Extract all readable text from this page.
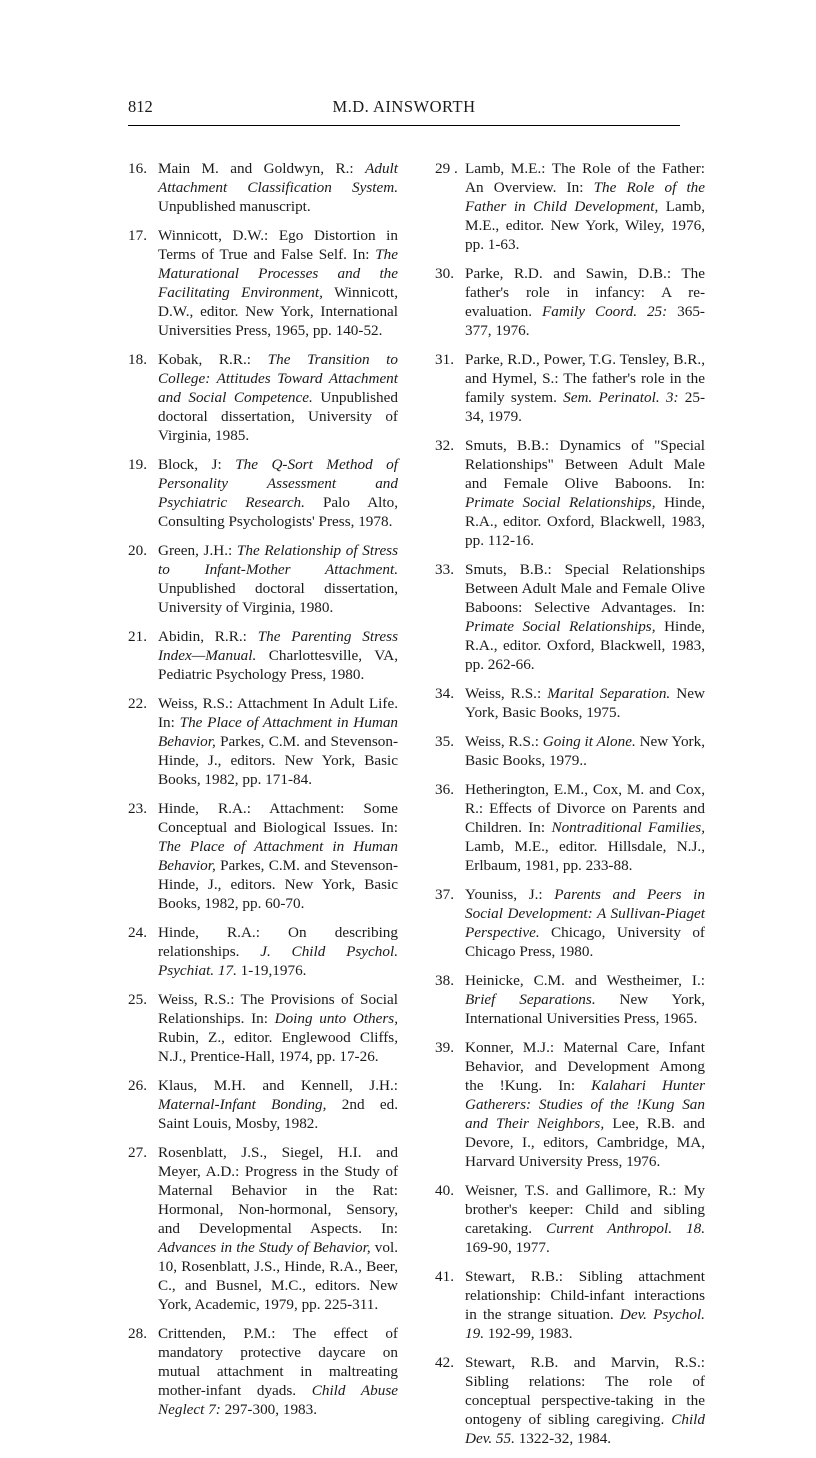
812	M.D. AINSWORTH
16. Main M. and Goldwyn, R.: Adult Attachment Classification System. Unpublished manuscript.
17. Winnicott, D.W.: Ego Distortion in Terms of True and False Self. In: The Maturational Processes and the Facilitating Environment, Winnicott, D.W., editor. New York, International Universities Press, 1965, pp. 140-52.
18. Kobak, R.R.: The Transition to College: Attitudes Toward Attachment and Social Competence. Unpublished doctoral dissertation, University of Virginia, 1985.
19. Block, J: The Q-Sort Method of Personality Assessment and Psychiatric Research. Palo Alto, Consulting Psychologists' Press, 1978.
20. Green, J.H.: The Relationship of Stress to Infant-Mother Attachment. Unpublished doctoral dissertation, University of Virginia, 1980.
21. Abidin, R.R.: The Parenting Stress Index—Manual. Charlottesville, VA, Pediatric Psychology Press, 1980.
22. Weiss, R.S.: Attachment In Adult Life. In: The Place of Attachment in Human Behavior, Parkes, C.M. and Stevenson-Hinde, J., editors. New York, Basic Books, 1982, pp. 171-84.
23. Hinde, R.A.: Attachment: Some Conceptual and Biological Issues. In: The Place of Attachment in Human Behavior, Parkes, C.M. and Stevenson-Hinde, J., editors. New York, Basic Books, 1982, pp. 60-70.
24. Hinde, R.A.: On describing relationships. J. Child Psychol. Psychiat. 17. 1-19,1976.
25. Weiss, R.S.: The Provisions of Social Relationships. In: Doing unto Others, Rubin, Z., editor. Englewood Cliffs, N.J., Prentice-Hall, 1974, pp. 17-26.
26. Klaus, M.H. and Kennell, J.H.: Maternal-Infant Bonding, 2nd ed. Saint Louis, Mosby, 1982.
27. Rosenblatt, J.S., Siegel, H.I. and Meyer, A.D.: Progress in the Study of Maternal Behavior in the Rat: Hormonal, Non-hormonal, Sensory, and Developmental Aspects. In: Advances in the Study of Behavior, vol. 10, Rosenblatt, J.S., Hinde, R.A., Beer, C., and Busnel, M.C., editors. New York, Academic, 1979, pp. 225-311.
28. Crittenden, P.M.: The effect of mandatory protective daycare on mutual attachment in maltreating mother-infant dyads. Child Abuse Neglect 7: 297-300, 1983.
29 . Lamb, M.E.: The Role of the Father: An Overview. In: The Role of the Father in Child Development, Lamb, M.E., editor. New York, Wiley, 1976, pp. 1-63.
30. Parke, R.D. and Sawin, D.B.: The father's role in infancy: A re-evaluation. Family Coord. 25: 365-377, 1976.
31. Parke, R.D., Power, T.G. Tensley, B.R., and Hymel, S.: The father's role in the family system. Sem. Perinatol. 3: 25-34, 1979.
32. Smuts, B.B.: Dynamics of "Special Relationships" Between Adult Male and Female Olive Baboons. In: Primate Social Relationships, Hinde, R.A., editor. Oxford, Blackwell, 1983, pp. 112-16.
33. Smuts, B.B.: Special Relationships Between Adult Male and Female Olive Baboons: Selective Advantages. In: Primate Social Relationships, Hinde, R.A., editor. Oxford, Blackwell, 1983, pp. 262-66.
34. Weiss, R.S.: Marital Separation. New York, Basic Books, 1975.
35. Weiss, R.S.: Going it Alone. New York, Basic Books, 1979..
36. Hetherington, E.M., Cox, M. and Cox, R.: Effects of Divorce on Parents and Children. In: Nontraditional Families, Lamb, M.E., editor. Hillsdale, N.J., Erlbaum, 1981, pp. 233-88.
37. Youniss, J.: Parents and Peers in Social Development: A Sullivan-Piaget Perspective. Chicago, University of Chicago Press, 1980.
38. Heinicke, C.M. and Westheimer, I.: Brief Separations. New York, International Universities Press, 1965.
39. Konner, M.J.: Maternal Care, Infant Behavior, and Development Among the !Kung. In: Kalahari Hunter Gatherers: Studies of the !Kung San and Their Neighbors, Lee, R.B. and Devore, I., editors, Cambridge, MA, Harvard University Press, 1976.
40. Weisner, T.S. and Gallimore, R.: My brother's keeper: Child and sibling caretaking. Current Anthropol. 18. 169-90, 1977.
41. Stewart, R.B.: Sibling attachment relationship: Child-infant interactions in the strange situation. Dev. Psychol. 19. 192-99, 1983.
42. Stewart, R.B. and Marvin, R.S.: Sibling relations: The role of conceptual perspective-taking in the ontogeny of sibling caregiving. Child Dev. 55. 1322-32, 1984.
